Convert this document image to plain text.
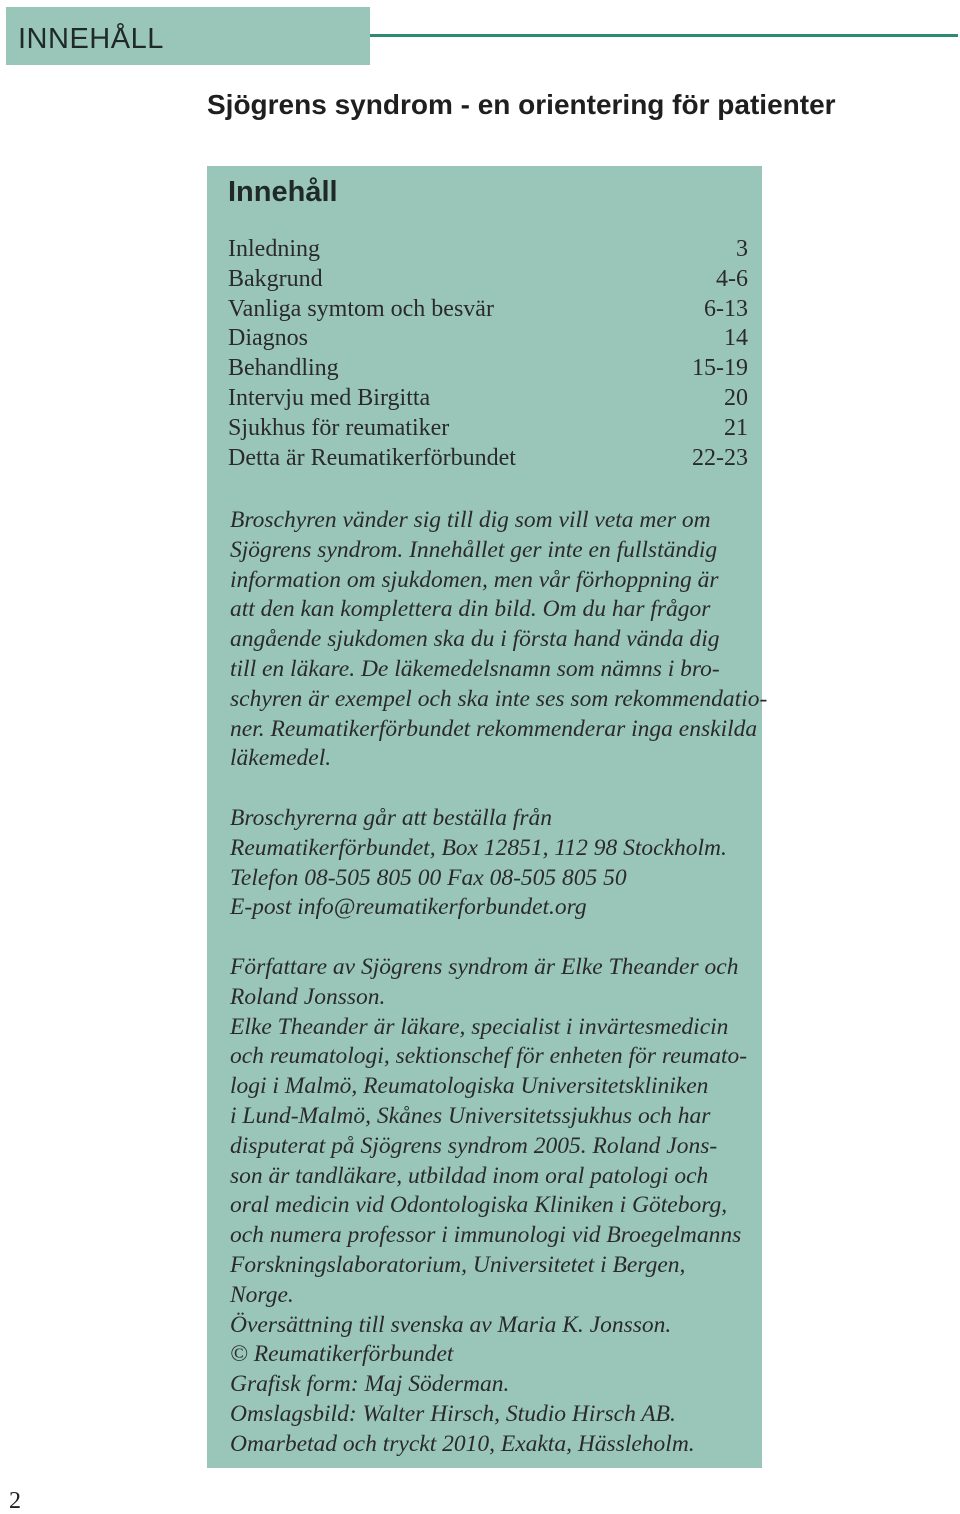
INNEHÅLL
Sjögrens syndrom - en orientering för patienter
Innehåll
Inledning	3
Bakgrund	4-6
Vanliga symtom och besvär	6-13
Diagnos	14
Behandling	15-19
Intervju med Birgitta	20
Sjukhus för reumatiker	21
Detta är Reumatikerförbundet	22-23

Broschyren vänder sig till dig som vill veta mer om
Sjögrens syndrom. Innehållet ger inte en fullständig
information om sjukdomen, men vår förhoppning är
att den kan komplettera din bild. Om du har frågor
angående sjukdomen ska du i första hand vända dig
till en läkare. De läkemedelsnamn som nämns i bro-
schyren är exempel och ska inte ses som rekommendatio-
ner. Reumatikerförbundet rekommenderar inga enskilda
läkemedel.

Broschyrerna går att beställa från
Reumatikerförbundet, Box 12851, 112 98 Stockholm.
Telefon 08-505 805 00 Fax 08-505 805 50
E-post info@reumatikerforbundet.org

Författare av Sjögrens syndrom är Elke Theander och
Roland Jonsson.
Elke Theander är läkare, specialist i invärtesmedicin
och reumatologi, sektionschef för enheten för reumato-
logi i Malmö, Reumatologiska Universitetskliniken
i Lund-Malmö, Skånes Universitetssjukhus och har
disputerat på Sjögrens syndrom 2005. Roland Jons-
son är tandläkare, utbildad inom oral patologi och
oral medicin vid Odontologiska Kliniken i Göteborg,
och numera professor i immunologi vid Broegelmanns
Forskningslaboratorium, Universitetet i Bergen,
Norge.
Översättning till svenska av Maria K. Jonsson.
© Reumatikerförbundet
Grafisk form: Maj Söderman.
Omslagsbild: Walter Hirsch, Studio Hirsch AB.
Omarbetad och tryckt 2010, Exakta, Hässleholm.

2
